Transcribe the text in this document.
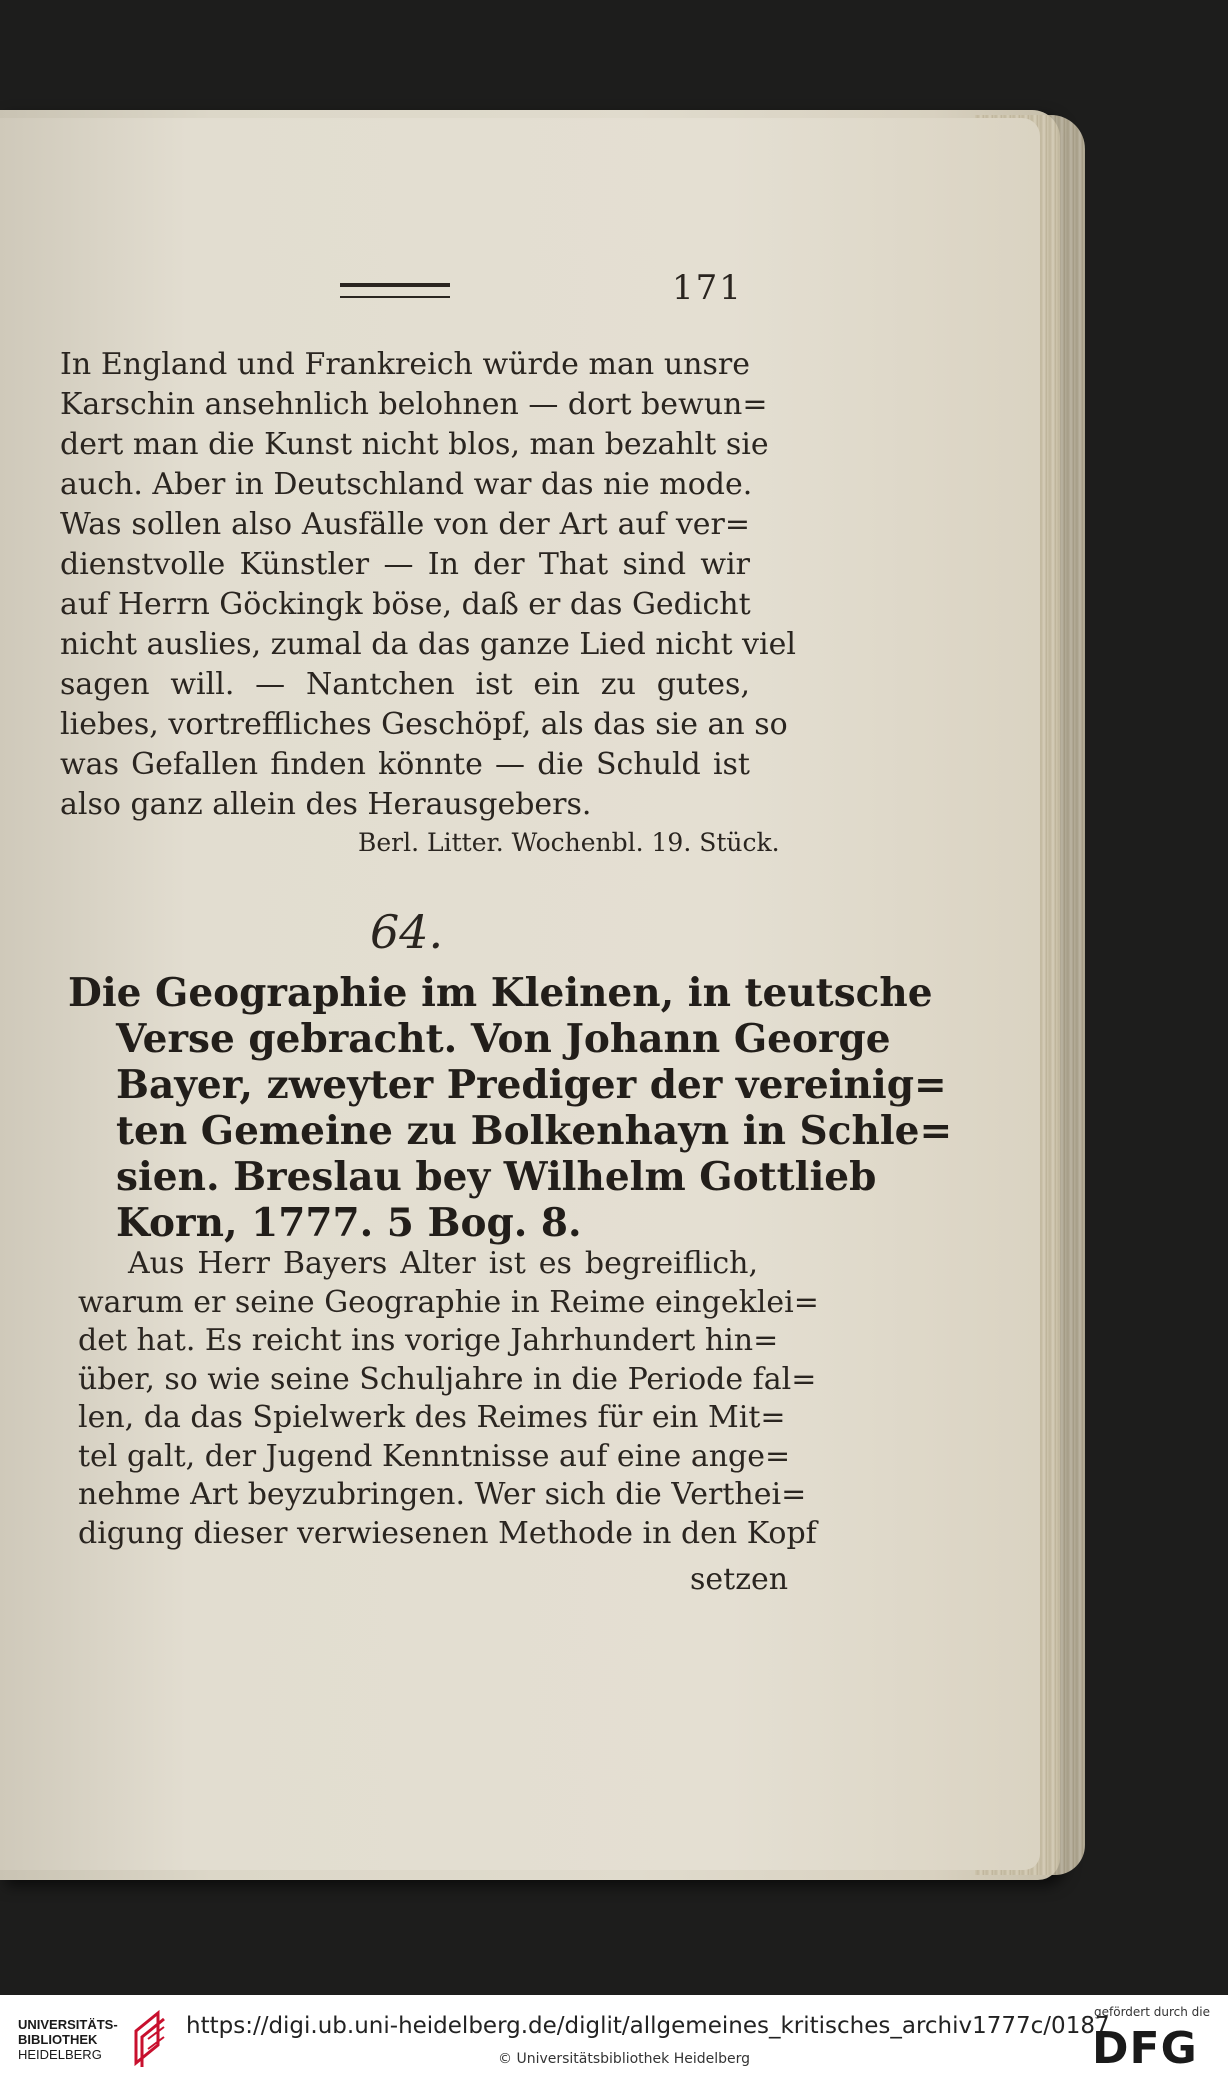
171
In England und Frankreich würde man unsre
Karschin ansehnlich belohnen — dort bewun=
dert man die Kunst nicht blos, man bezahlt sie
auch. Aber in Deutschland war das nie mode.
Was sollen also Ausfälle von der Art auf ver=
dienstvolle Künstler — In der That sind wir
auf Herrn Göckingk böse, daß er das Gedicht
nicht auslies, zumal da das ganze Lied nicht viel
sagen will. — Nantchen ist ein zu gutes,
liebes, vortreffliches Geschöpf, als das sie an so
was Gefallen finden könnte — die Schuld ist
also ganz allein des Herausgebers.
Berl. Litter. Wochenbl. 19. Stück.
64.
Die Geographie im Kleinen, in teutsche
Verse gebracht. Von Johann George
Bayer, zweyter Prediger der vereinig=
ten Gemeine zu Bolkenhayn in Schle=
sien. Breslau bey Wilhelm Gottlieb
Korn, 1777. 5 Bog. 8.
Aus Herr Bayers Alter ist es begreiflich,
warum er seine Geographie in Reime eingeklei=
det hat. Es reicht ins vorige Jahrhundert hin=
über, so wie seine Schuljahre in die Periode fal=
len, da das Spielwerk des Reimes für ein Mit=
tel galt, der Jugend Kenntnisse auf eine ange=
nehme Art beyzubringen. Wer sich die Verthei=
digung dieser verwiesenen Methode in den Kopf
setzen
UNIVERSITÄTS-
BIBLIOTHEK
HEIDELBERG
https://digi.ub.uni-heidelberg.de/diglit/allgemeines_kritisches_archiv1777c/0187
© Universitätsbibliothek Heidelberg
gefördert durch die
DFG
